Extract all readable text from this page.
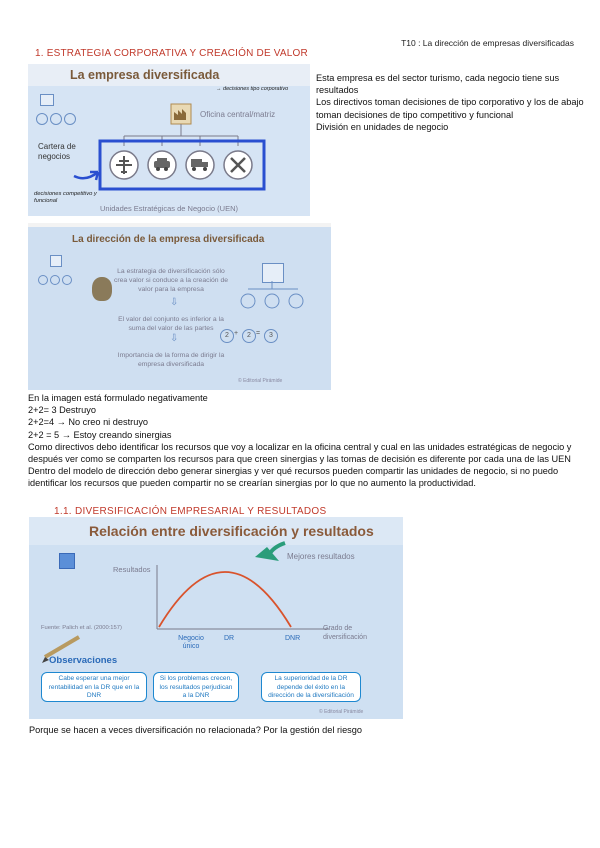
T10 : La dirección de empresas diversificadas
1. ESTRATEGIA CORPORATIVA Y CREACIÓN DE VALOR
La empresa diversificada
→ decisiones tipo corporativo
Oficina central/matriz
Cartera de negocios
decisiones competitivo y funcional
Unidades Estratégicas de Negocio (UEN)
Esta empresa es del sector turismo, cada negocio tiene sus resultados
Los directivos toman decisiones de tipo corporativo y los de abajo toman decisiones de tipo competitivo y funcional
División en unidades de negocio
La dirección de la empresa diversificada
La estrategia de diversificación sólo crea valor si conduce a la creación de valor para la empresa
⇩
El valor del conjunto es inferior a la suma del valor de las partes
⇩
Importancia de la forma de dirigir la empresa diversificada
2 +	2 =	3
© Editorial Pirámide
En la imagen está formulado negativamente
2+2= 3 Destruyo
2+2=4 → No creo ni destruyo
2+2 = 5 → Estoy creando sinergias
Como directivos debo identificar los recursos que voy a localizar en la oficina central y cual en las unidades estratégicas de negocio y después ver como se comparten los recursos para que creen sinergias y las tomas de decisión es diferente por cada una de las UEN
Dentro del modelo de dirección debo generar sinergias y ver qué recursos pueden compartir las unidades de negocio, si no puedo identificar los recursos que pueden compartir no se crearían sinergias por lo que no aumento la productividad.
1.1. DIVERSIFICACIÓN EMPRESARIAL Y RESULTADOS
Relación entre diversificación y resultados
Mejores resultados
Resultados
Fuente: Palich et al. (2000:157)
Negocio único
DR	DNR
Grado de diversificación
Observaciones
Cabe esperar una mejor rentabilidad en la DR que en la DNR
Si los problemas crecen, los resultados perjudican a la DNR
La superioridad de la DR depende del éxito en la dirección de la diversificación
© Editorial Pirámide
Porque se hacen a veces diversificación no relacionada? Por la gestión del riesgo
